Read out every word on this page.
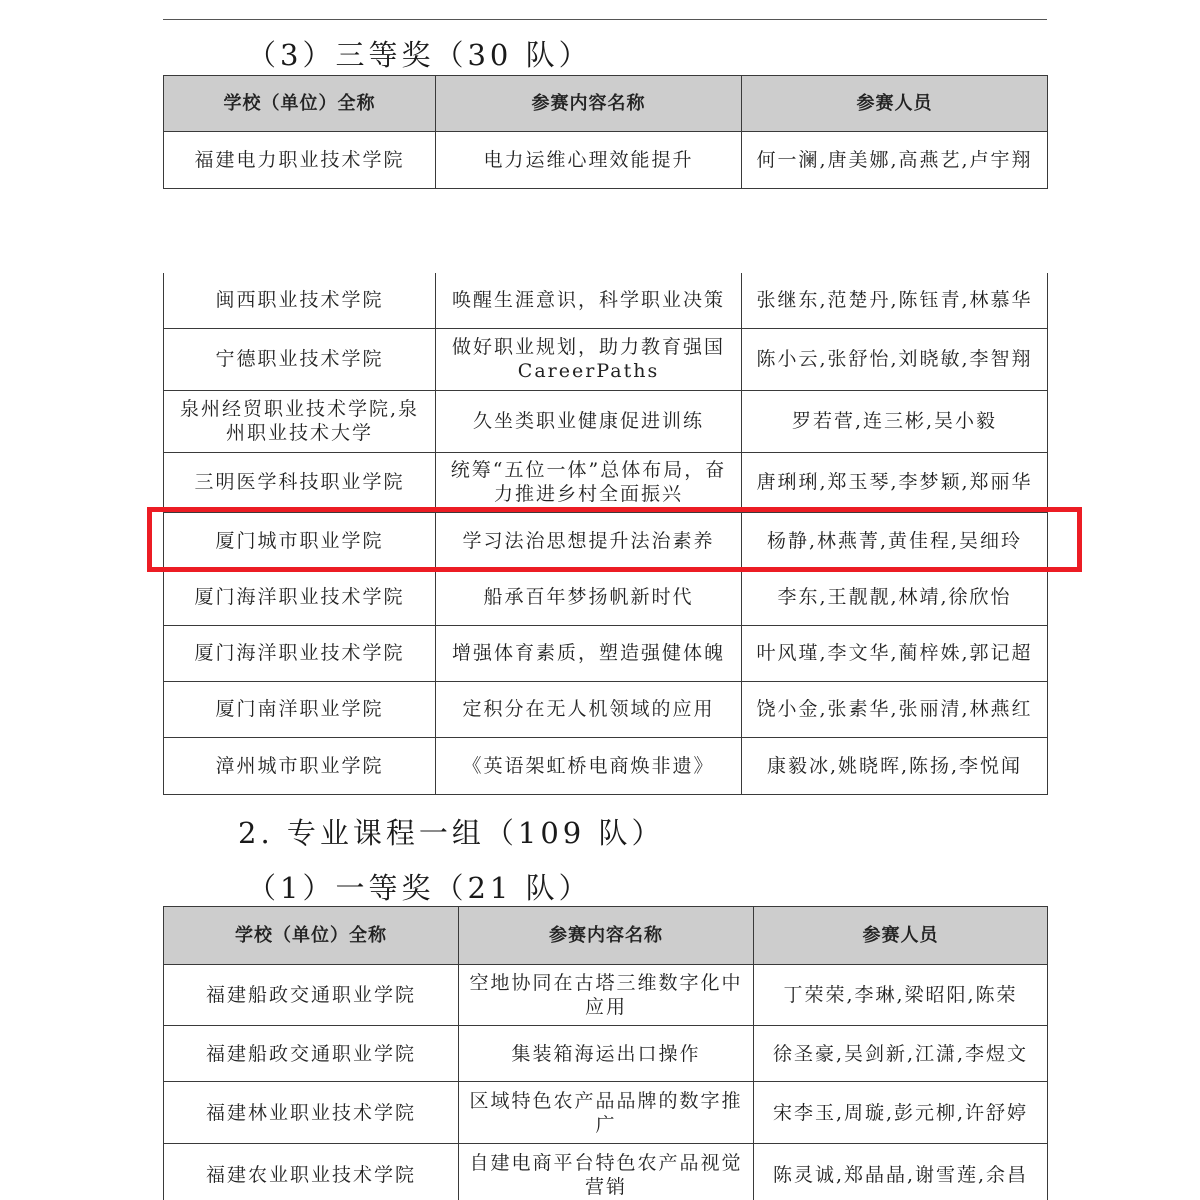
（3）三等奖（30 队）
学校（单位）全称	参赛内容名称	参赛人员
福建电力职业技术学院	电力运维心理效能提升	何一澜,唐美娜,高燕艺,卢宇翔
闽西职业技术学院	唤醒生涯意识，科学职业决策	张继东,范楚丹,陈钰青,林慕华
宁德职业技术学院	做好职业规划，助力教育强国 CareerPaths	陈小云,张舒怡,刘晓敏,李智翔
泉州经贸职业技术学院,泉州职业技术大学	久坐类职业健康促进训练	罗若菅,连三彬,吴小毅
三明医学科技职业学院	统筹“五位一体”总体布局，奋力推进乡村全面振兴	唐琍琍,郑玉琴,李梦颖,郑丽华
厦门城市职业学院	学习法治思想提升法治素养	杨静,林燕菁,黄佳程,吴细玲
厦门海洋职业技术学院	船承百年梦扬帆新时代	李东,王靓靓,林靖,徐欣怡
厦门海洋职业技术学院	增强体育素质，塑造强健体魄	叶风瑾,李文华,蔺梓姝,郭记超
厦门南洋职业学院	定积分在无人机领域的应用	饶小金,张素华,张丽清,林燕红
漳州城市职业学院	《英语架虹桥电商焕非遗》	康毅冰,姚晓晖,陈扬,李悦闻
2. 专业课程一组（109 队）
（1）一等奖（21 队）
学校（单位）全称	参赛内容名称	参赛人员
福建船政交通职业学院	空地协同在古塔三维数字化中应用	丁荣荣,李琳,梁昭阳,陈荣
福建船政交通职业学院	集装箱海运出口操作	徐圣豪,吴剑新,江潇,李煜文
福建林业职业技术学院	区域特色农产品品牌的数字推广	宋李玉,周璇,彭元柳,许舒婷
福建农业职业技术学院	自建电商平台特色农产品视觉营销	陈灵诚,郑晶晶,谢雪莲,余昌
